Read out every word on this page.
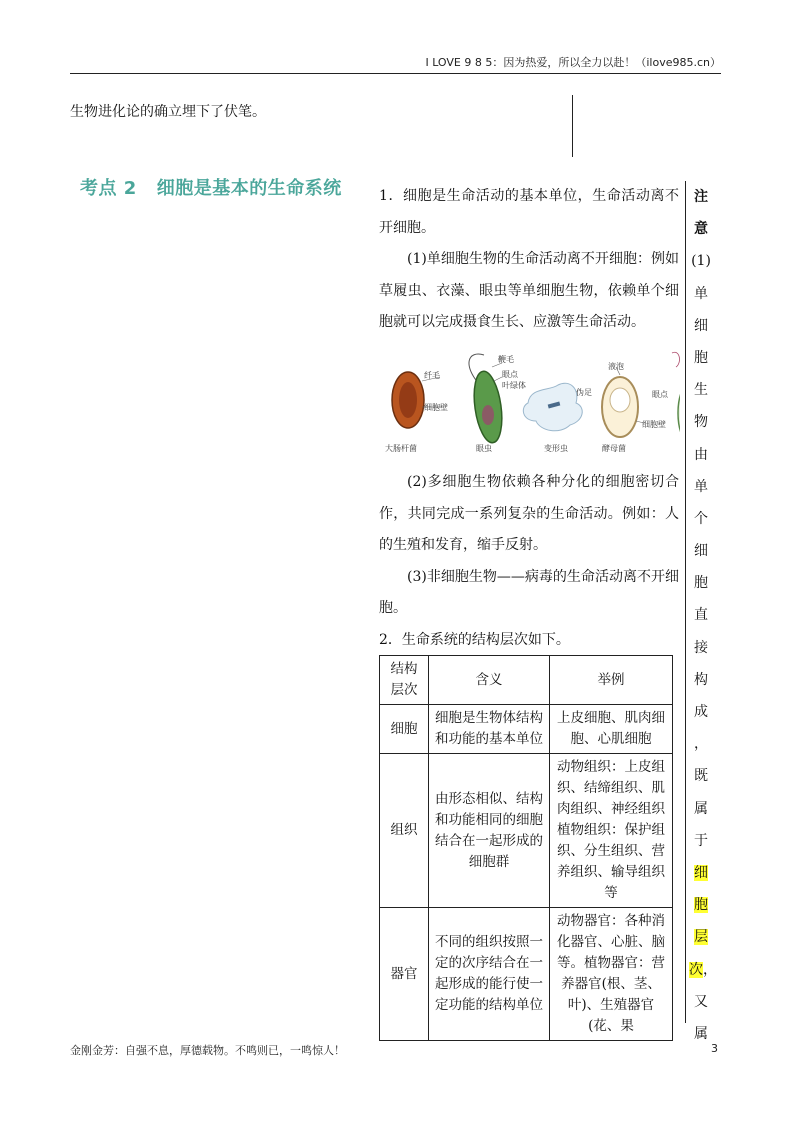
I LOVE 9 8 5：因为热爱，所以全力以赴！（ilove985.cn）
生物进化论的确立埋下了伏笔。
考点 2 细胞是基本的生命系统	1．细胞是生命活动的基本单位，生命活动离不开细胞。

(1)单细胞生物的生命活动离不开细胞：例如草履虫、衣藻、眼虫等单细胞生物，依赖单个细胞就可以完成摄食生长、应激等生命活动。

纤毛
细胞壁
大肠杆菌
鞭毛
眼点
叶绿体
眼虫
伪足
变形虫
液泡
细胞壁
酵母菌
眼点

(2)多细胞生物依赖各种分化的细胞密切合作，共同完成一系列复杂的生命活动。例如：人的生殖和发育，缩手反射。

(3)非细胞生物——病毒的生命活动离不开细胞。

2．生命系统的结构层次如下。

结构层次	含义	举例
细胞	细胞是生物体结构和功能的基本单位	上皮细胞、肌肉细胞、心肌细胞
组织	由形态相似、结构和功能相同的细胞结合在一起形成的细胞群	动物组织：上皮组织、结缔组织、肌肉组织、神经组织植物组织：保护组织、分生组织、营养组织、输导组织等
器官	不同的组织按照一定的次序结合在一起形成的能行使一定功能的结构单位	动物器官：各种消化器官、心脏、脑等。植物器官：营养器官(根、茎、叶)、生殖器官(花、果
注
意
(1)
单
细
胞
生
物
由
单
个
细
胞
直
接
构
成
，
既
属
于
细
胞
层
次，
又
属
金刚金芳：自强不息，厚德载物。不鸣则已，一鸣惊人！	3
